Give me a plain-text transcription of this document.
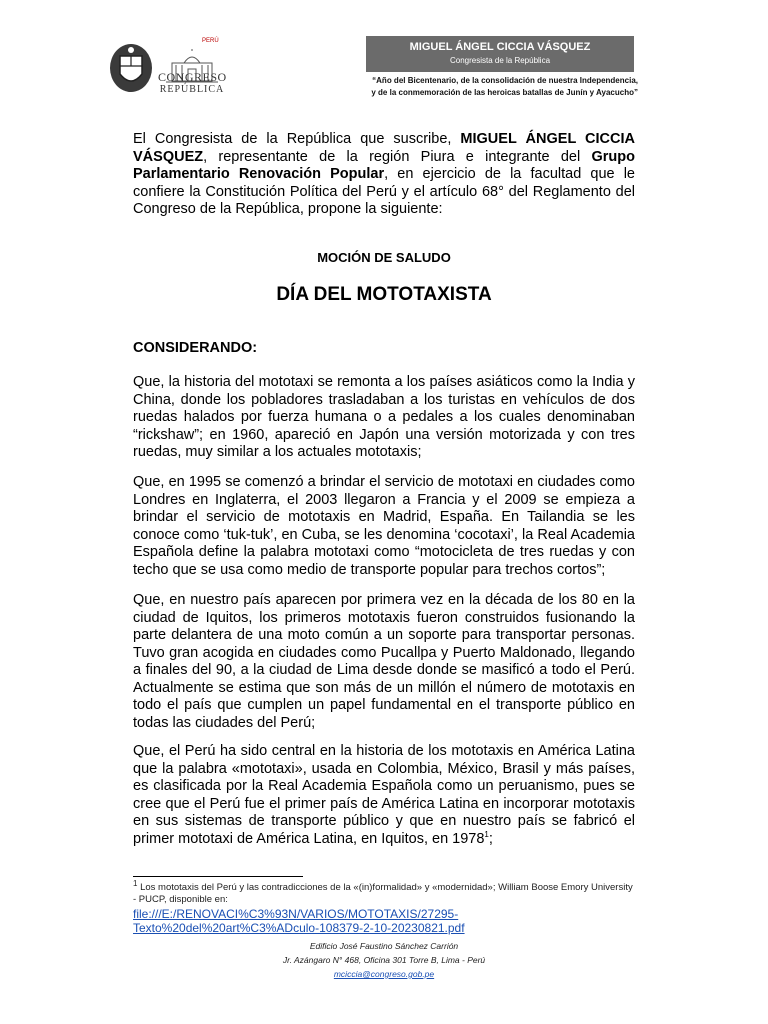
PERÚ
CONGRESO
REPÚBLICA
MIGUEL ÁNGEL CICCIA VÁSQUEZ
Congresista de la República
“Año del Bicentenario, de la consolidación de nuestra Independencia,
y de la conmemoración de las heroicas batallas de Junín y Ayacucho”
El Congresista de la República que suscribe, MIGUEL ÁNGEL CICCIA VÁSQUEZ, representante de la región Piura e integrante del Grupo Parlamentario Renovación Popular, en ejercicio de la facultad que le confiere la Constitución Política del Perú y el artículo 68° del Reglamento del Congreso de la República, propone la siguiente:
MOCIÓN DE SALUDO
DÍA DEL MOTOTAXISTA
CONSIDERANDO:
Que, la historia del mototaxi se remonta a los países asiáticos como la India y China, donde los pobladores trasladaban a los turistas en vehículos de dos ruedas halados por fuerza humana o a pedales a los cuales denominaban “rickshaw”; en 1960, apareció en Japón una versión motorizada y con tres ruedas, muy similar a los actuales mototaxis;
Que, en 1995 se comenzó a brindar el servicio de mototaxi en ciudades como Londres en Inglaterra, el 2003 llegaron a Francia y el 2009 se empieza a brindar el servicio de mototaxis en Madrid, España. En Tailandia se les conoce como ‘tuk-tuk’, en Cuba, se les denomina ‘cocotaxi’, la Real Academia Española define la palabra mototaxi como “motocicleta de tres ruedas y con techo que se usa como medio de transporte popular para trechos cortos”;
Que, en nuestro país aparecen por primera vez en la década de los 80 en la ciudad de Iquitos, los primeros mototaxis fueron construidos fusionando la parte delantera de una moto común a un soporte para transportar personas. Tuvo gran acogida en ciudades como Pucallpa y Puerto Maldonado, llegando a finales del 90, a la ciudad de Lima desde donde se masificó a todo el Perú. Actualmente se estima que son más de un millón el número de mototaxis en todo el país que cumplen un papel fundamental en el transporte público en todas las ciudades del Perú;
Que, el Perú ha sido central en la historia de los mototaxis en América Latina que la palabra «mototaxi», usada en Colombia, México, Brasil y más países, es clasificada por la Real Academia Española como un peruanismo, pues se cree que el Perú fue el primer país de América Latina en incorporar mototaxis en sus sistemas de transporte público y que en nuestro país se fabricó el primer mototaxi de América Latina, en Iquitos, en 1978$^1$;
$^1$ Los mototaxis del Perú y las contradicciones de la «(in)formalidad» y «modernidad»; William Boose Emory University - PUCP, disponible en:
file:///E:/RENOVACI%C3%93N/VARIOS/MOTOTAXIS/27295-Texto%20del%20art%C3%ADculo-108379-2-10-20230821.pdf
Edificio José Faustino Sánchez Carrión
Jr. Azángaro N° 468, Oficina 301 Torre B, Lima - Perú
mciccia@congreso.gob.pe
